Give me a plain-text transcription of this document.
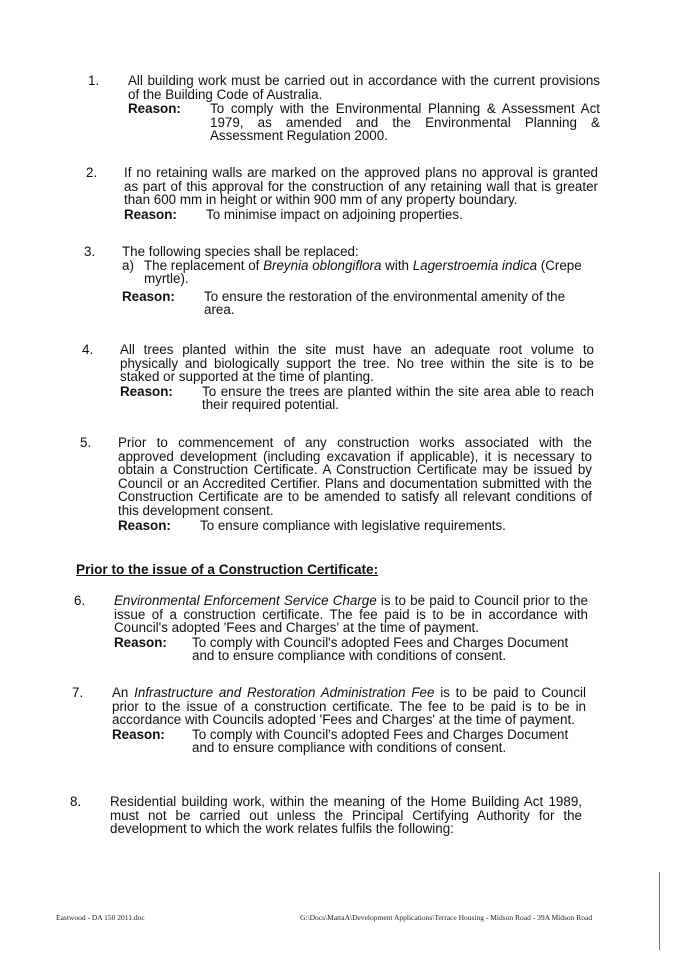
1. All building work must be carried out in accordance with the current provisions of the Building Code of Australia.

Reason:	To comply with the Environmental Planning & Assessment Act 1979, as amended and the Environmental Planning & Assessment Regulation 2000.
2. If no retaining walls are marked on the approved plans no approval is granted as part of this approval for the construction of any retaining wall that is greater than 600 mm in height or within 900 mm of any property boundary.

Reason:	To minimise impact on adjoining properties.
3. The following species shall be replaced:

a) The replacement of Breynia oblongiflora with Lagerstroemia indica (Crepe myrtle).
Reason:	To ensure the restoration of the environmental amenity of the area.
4. All trees planted within the site must have an adequate root volume to physically and biologically support the tree. No tree within the site is to be staked or supported at the time of planting.

Reason:	To ensure the trees are planted within the site area able to reach their required potential.
5. Prior to commencement of any construction works associated with the approved development (including excavation if applicable), it is necessary to obtain a Construction Certificate. A Construction Certificate may be issued by Council or an Accredited Certifier. Plans and documentation submitted with the Construction Certificate are to be amended to satisfy all relevant conditions of this development consent.

Reason:	To ensure compliance with legislative requirements.
Prior to the issue of a Construction Certificate:
6. Environmental Enforcement Service Charge is to be paid to Council prior to the issue of a construction certificate. The fee paid is to be in accordance with Council's adopted 'Fees and Charges' at the time of payment.

Reason:	To comply with Council's adopted Fees and Charges Document and to ensure compliance with conditions of consent.
7. An Infrastructure and Restoration Administration Fee is to be paid to Council prior to the issue of a construction certificate. The fee to be paid is to be in accordance with Councils adopted 'Fees and Charges' at the time of payment.

Reason:	To comply with Council's adopted Fees and Charges Document and to ensure compliance with conditions of consent.
8. Residential building work, within the meaning of the Home Building Act 1989, must not be carried out unless the Principal Certifying Authority for the development to which the work relates fulfils the following:

Eastwood - DA 150 2011.doc	G:\Docs\MattaA\Development Applications\Terrace Housing - Midson Road - 39A Midson Road
